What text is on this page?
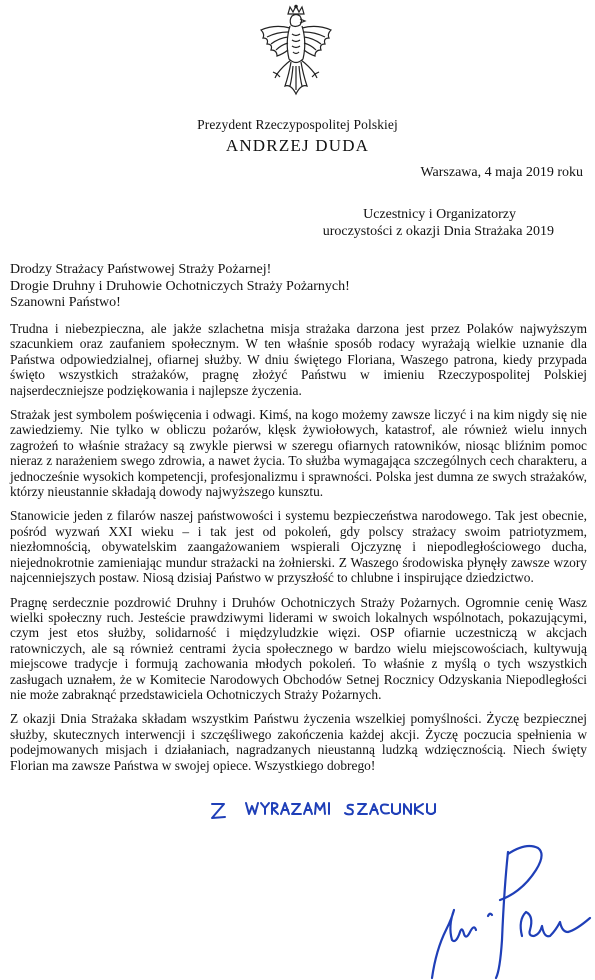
Prezydent Rzeczypospolitej Polskiej
ANDRZEJ DUDA
Warszawa, 4 maja 2019 roku
Uczestnicy i Organizatorzy
uroczystości z okazji Dnia Strażaka 2019
Drodzy Strażacy Państwowej Straży Pożarnej!
Drogie Druhny i Druhowie Ochotniczych Straży Pożarnych!
Szanowni Państwo!

Trudna i niebezpieczna, ale jakże szlachetna misja strażaka darzona jest przez Polaków najwyższym szacunkiem oraz zaufaniem społecznym. W ten właśnie sposób rodacy wyrażają wielkie uznanie dla Państwa odpowiedzialnej, ofiarnej służby. W dniu świętego Floriana, Waszego patrona, kiedy przypada święto wszystkich strażaków, pragnę złożyć Państwu w imieniu Rzeczypospolitej Polskiej najserdeczniejsze podziękowania i najlepsze życzenia.

Strażak jest symbolem poświęcenia i odwagi. Kimś, na kogo możemy zawsze liczyć i na kim nigdy się nie zawiedziemy. Nie tylko w obliczu pożarów, klęsk żywiołowych, katastrof, ale również wielu innych zagrożeń to właśnie strażacy są zwykle pierwsi w szeregu ofiarnych ratowników, niosąc bliźnim pomoc nieraz z narażeniem swego zdrowia, a nawet życia. To służba wymagająca szczególnych cech charakteru, a jednocześnie wysokich kompetencji, profesjonalizmu i sprawności. Polska jest dumna ze swych strażaków, którzy nieustannie składają dowody najwyższego kunsztu.

Stanowicie jeden z filarów naszej państwowości i systemu bezpieczeństwa narodowego. Tak jest obecnie, pośród wyzwań XXI wieku – i tak jest od pokoleń, gdy polscy strażacy swoim patriotyzmem, niezłomnością, obywatelskim zaangażowaniem wspierali Ojczyznę i niepodległościowego ducha, niejednokrotnie zamieniając mundur strażacki na żołnierski. Z Waszego środowiska płynęły zawsze wzory najcenniejszych postaw. Niosą dzisiaj Państwo w przyszłość to chlubne i inspirujące dziedzictwo.

Pragnę serdecznie pozdrowić Druhny i Druhów Ochotniczych Straży Pożarnych. Ogromnie cenię Wasz wielki społeczny ruch. Jesteście prawdziwymi liderami w swoich lokalnych wspólnotach, pokazującymi, czym jest etos służby, solidarność i międzyludzkie więzi. OSP ofiarnie uczestniczą w akcjach ratowniczych, ale są również centrami życia społecznego w bardzo wielu miejscowościach, kultywują miejscowe tradycje i formują zachowania młodych pokoleń. To właśnie z myślą o tych wszystkich zasługach uznałem, że w Komitecie Narodowych Obchodów Setnej Rocznicy Odzyskania Niepodległości nie może zabraknąć przedstawiciela Ochotniczych Straży Pożarnych.

Z okazji Dnia Strażaka składam wszystkim Państwu życzenia wszelkiej pomyślności. Życzę bezpiecznej służby, skutecznych interwencji i szczęśliwego zakończenia każdej akcji. Życzę poczucia spełnienia w podejmowanych misjach i działaniach, nagradzanych nieustanną ludzką wdzięcznością. Niech święty Florian ma zawsze Państwa w swojej opiece. Wszystkiego dobrego!
